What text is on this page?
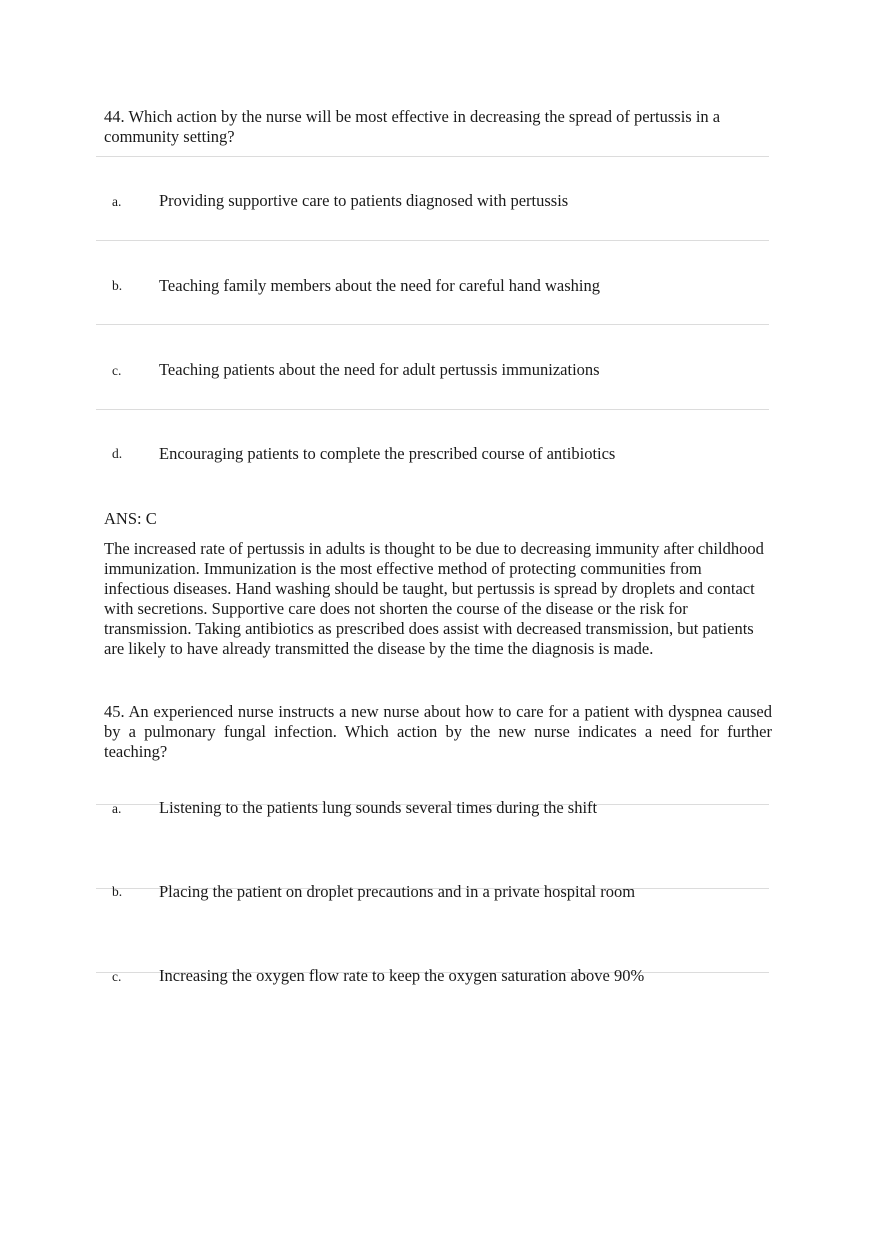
44. Which action by the nurse will be most effective in decreasing the spread of pertussis in a community setting?
a. Providing supportive care to patients diagnosed with pertussis
b. Teaching family members about the need for careful hand washing
c. Teaching patients about the need for adult pertussis immunizations
d. Encouraging patients to complete the prescribed course of antibiotics
ANS: C
The increased rate of pertussis in adults is thought to be due to decreasing immunity after childhood immunization. Immunization is the most effective method of protecting communities from infectious diseases. Hand washing should be taught, but pertussis is spread by droplets and contact with secretions. Supportive care does not shorten the course of the disease or the risk for transmission. Taking antibiotics as prescribed does assist with decreased transmission, but patients are likely to have already transmitted the disease by the time the diagnosis is made.
45. An experienced nurse instructs a new nurse about how to care for a patient with dyspnea caused by a pulmonary fungal infection. Which action by the new nurse indicates a need for further teaching?
a. Listening to the patients lung sounds several times during the shift
b. Placing the patient on droplet precautions and in a private hospital room
c. Increasing the oxygen flow rate to keep the oxygen saturation above 90%
